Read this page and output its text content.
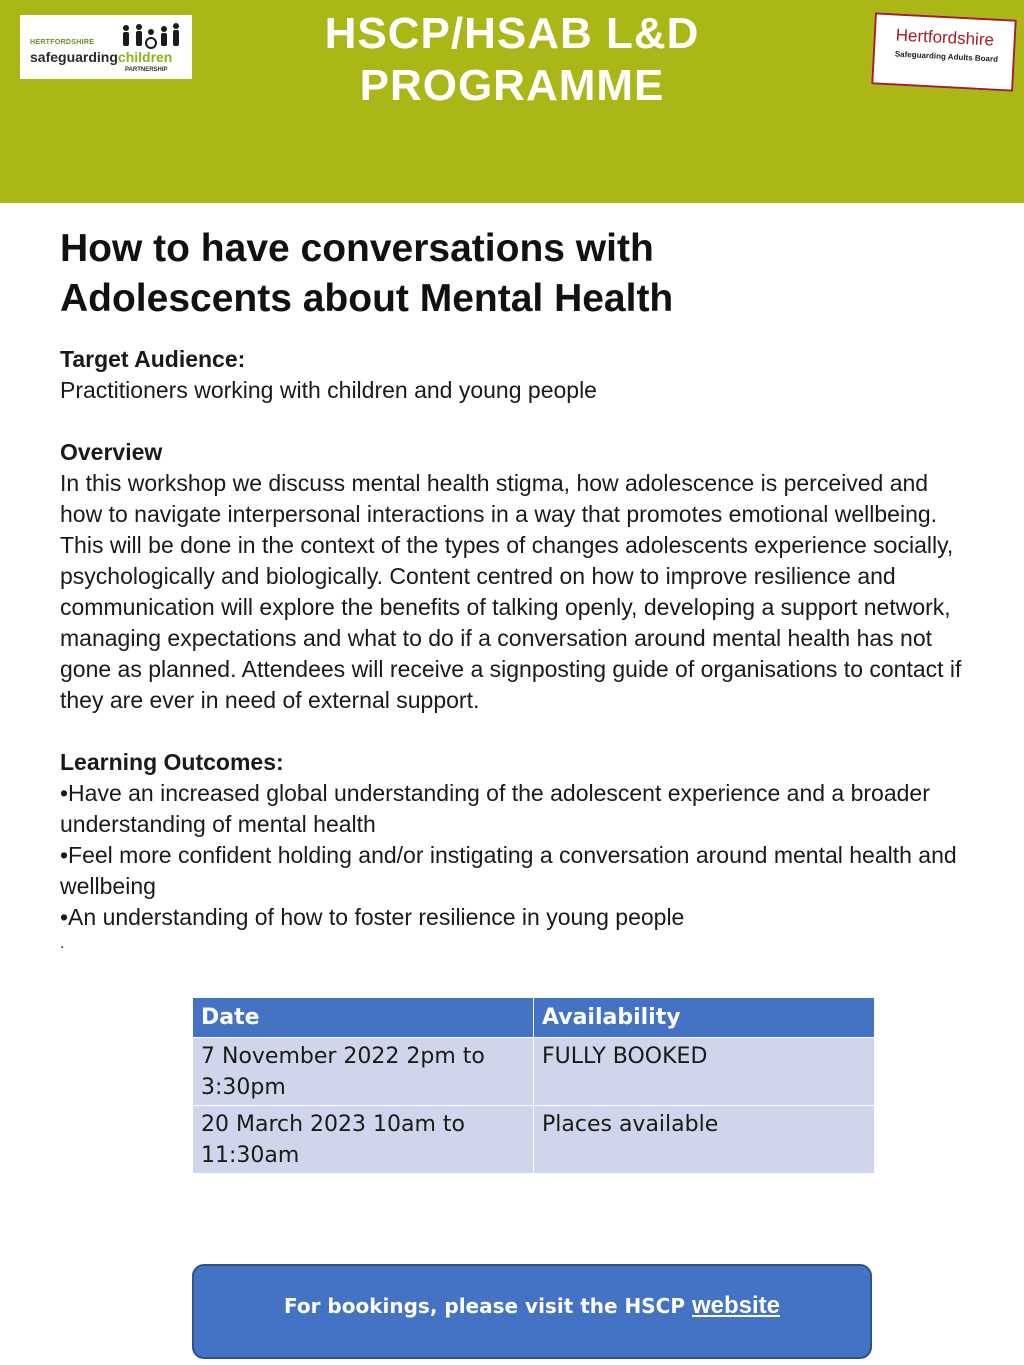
HERTFORDSHIRE
safeguardingchildren
PARTNERSHIP
HSCP/HSAB L&D
PROGRAMME
Hertfordshire
Safeguarding Adults Board
How to have conversations with
Adolescents about Mental Health

Target Audience:

Practitioners working with children and young people

Overview

In this workshop we discuss mental health stigma, how adolescence is perceived and how to navigate interpersonal interactions in a way that promotes emotional wellbeing. This will be done in the context of the types of changes adolescents experience socially, psychologically and biologically. Content centred on how to improve resilience and communication will explore the benefits of talking openly, developing a support network, managing expectations and what to do if a conversation around mental health has not gone as planned. Attendees will receive a signposting guide of organisations to contact if they are ever in need of external support.

Learning Outcomes:

•Have an increased global understanding of the adolescent experience and a broader understanding of mental health

•Feel more confident holding and/or instigating a conversation around mental health and wellbeing

•An understanding of how to foster resilience in young people

.

Date	Availability
7 November 2022 2pm to 3:30pm	FULLY BOOKED
20 March 2023 10am to 11:30am	Places available
For bookings, please visit the HSCP website
